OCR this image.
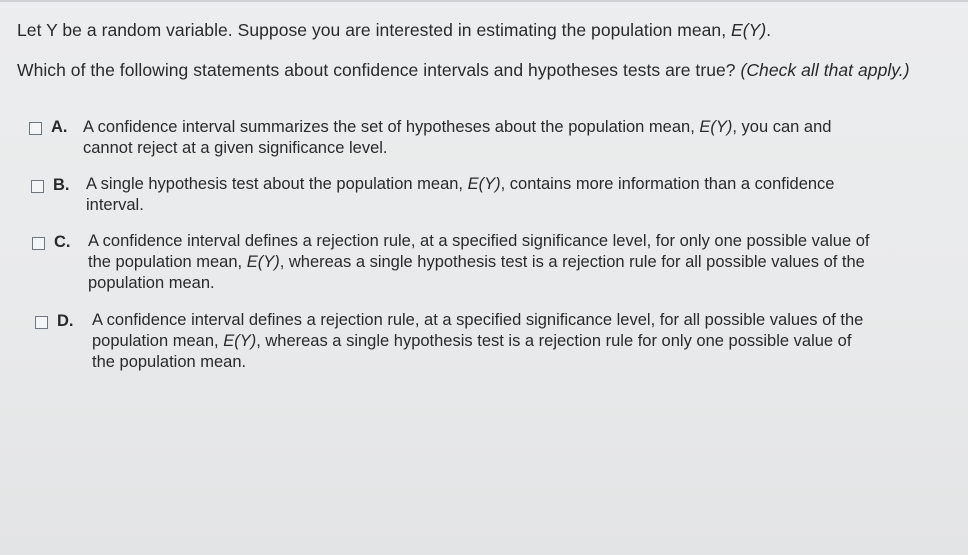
Let Y be a random variable. Suppose you are interested in estimating the population mean, E(Y).
Which of the following statements about confidence intervals and hypotheses tests are true? (Check all that apply.)
A. A confidence interval summarizes the set of hypotheses about the population mean, E(Y), you can and
cannot reject at a given significance level.
B. A single hypothesis test about the population mean, E(Y), contains more information than a confidence
interval.
C. A confidence interval defines a rejection rule, at a specified significance level, for only one possible value of
the population mean, E(Y), whereas a single hypothesis test is a rejection rule for all possible values of the
population mean.
D. A confidence interval defines a rejection rule, at a specified significance level, for all possible values of the
population mean, E(Y), whereas a single hypothesis test is a rejection rule for only one possible value of
the population mean.
